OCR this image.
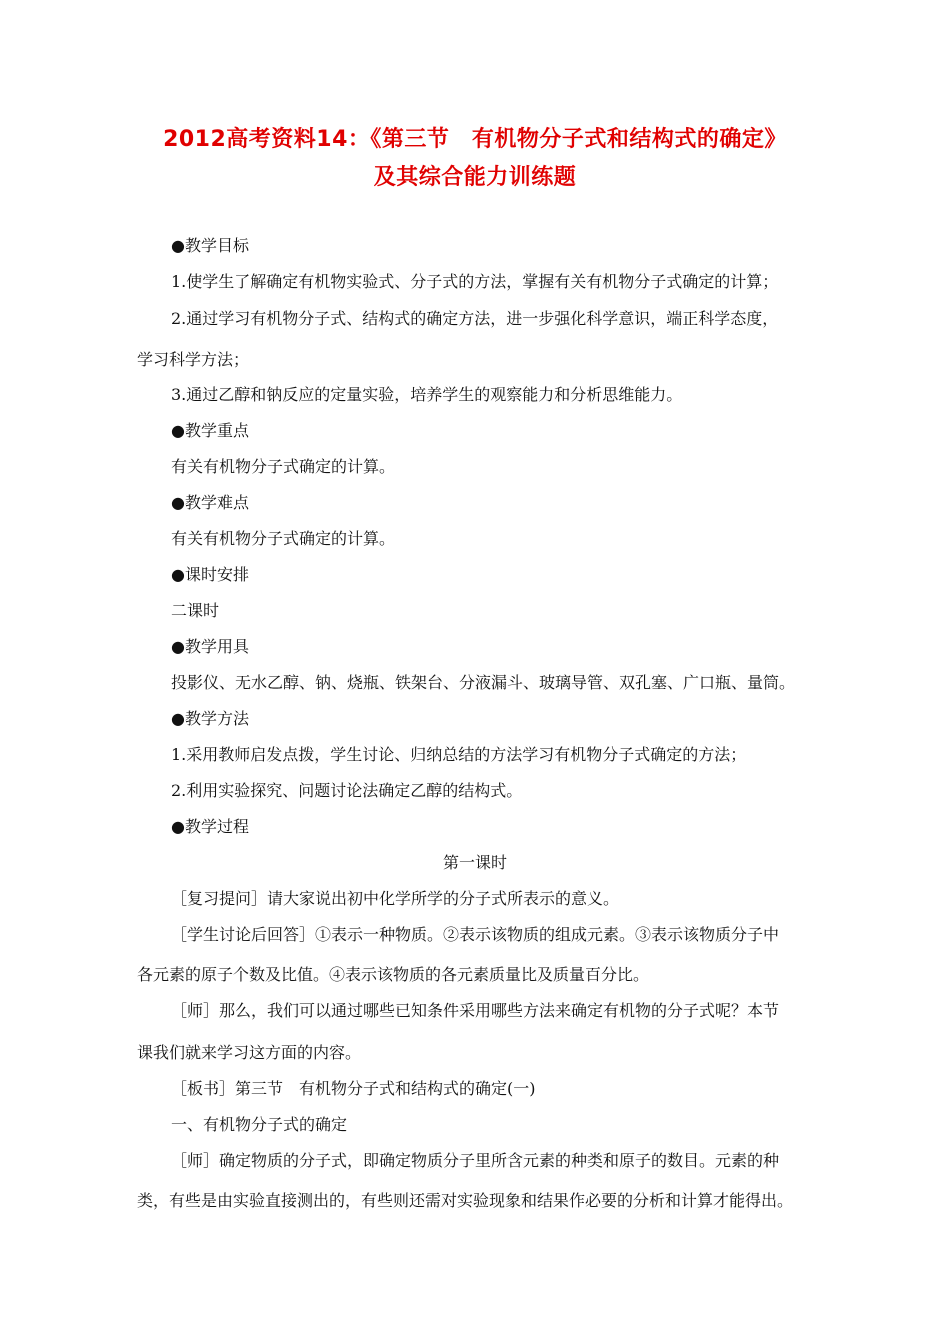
2012高考资料14：《第三节　有机物分子式和结构式的确定》
及其综合能力训练题
●教学目标
1.使学生了解确定有机物实验式、分子式的方法，掌握有关有机物分子式确定的计算；
2.通过学习有机物分子式、结构式的确定方法，进一步强化科学意识，端正科学态度，
学习科学方法；
3.通过乙醇和钠反应的定量实验，培养学生的观察能力和分析思维能力。
●教学重点
有关有机物分子式确定的计算。
●教学难点
有关有机物分子式确定的计算。
●课时安排
二课时
●教学用具
投影仪、无水乙醇、钠、烧瓶、铁架台、分液漏斗、玻璃导管、双孔塞、广口瓶、量筒。
●教学方法
1.采用教师启发点拨，学生讨论、归纳总结的方法学习有机物分子式确定的方法；
2.利用实验探究、问题讨论法确定乙醇的结构式。
●教学过程
第一课时
［复习提问］请大家说出初中化学所学的分子式所表示的意义。
［学生讨论后回答］①表示一种物质。②表示该物质的组成元素。③表示该物质分子中
各元素的原子个数及比值。④表示该物质的各元素质量比及质量百分比。
［师］那么，我们可以通过哪些已知条件采用哪些方法来确定有机物的分子式呢？本节
课我们就来学习这方面的内容。
［板书］第三节　有机物分子式和结构式的确定(一)
一、有机物分子式的确定
［师］确定物质的分子式，即确定物质分子里所含元素的种类和原子的数目。元素的种
类，有些是由实验直接测出的，有些则还需对实验现象和结果作必要的分析和计算才能得出。
